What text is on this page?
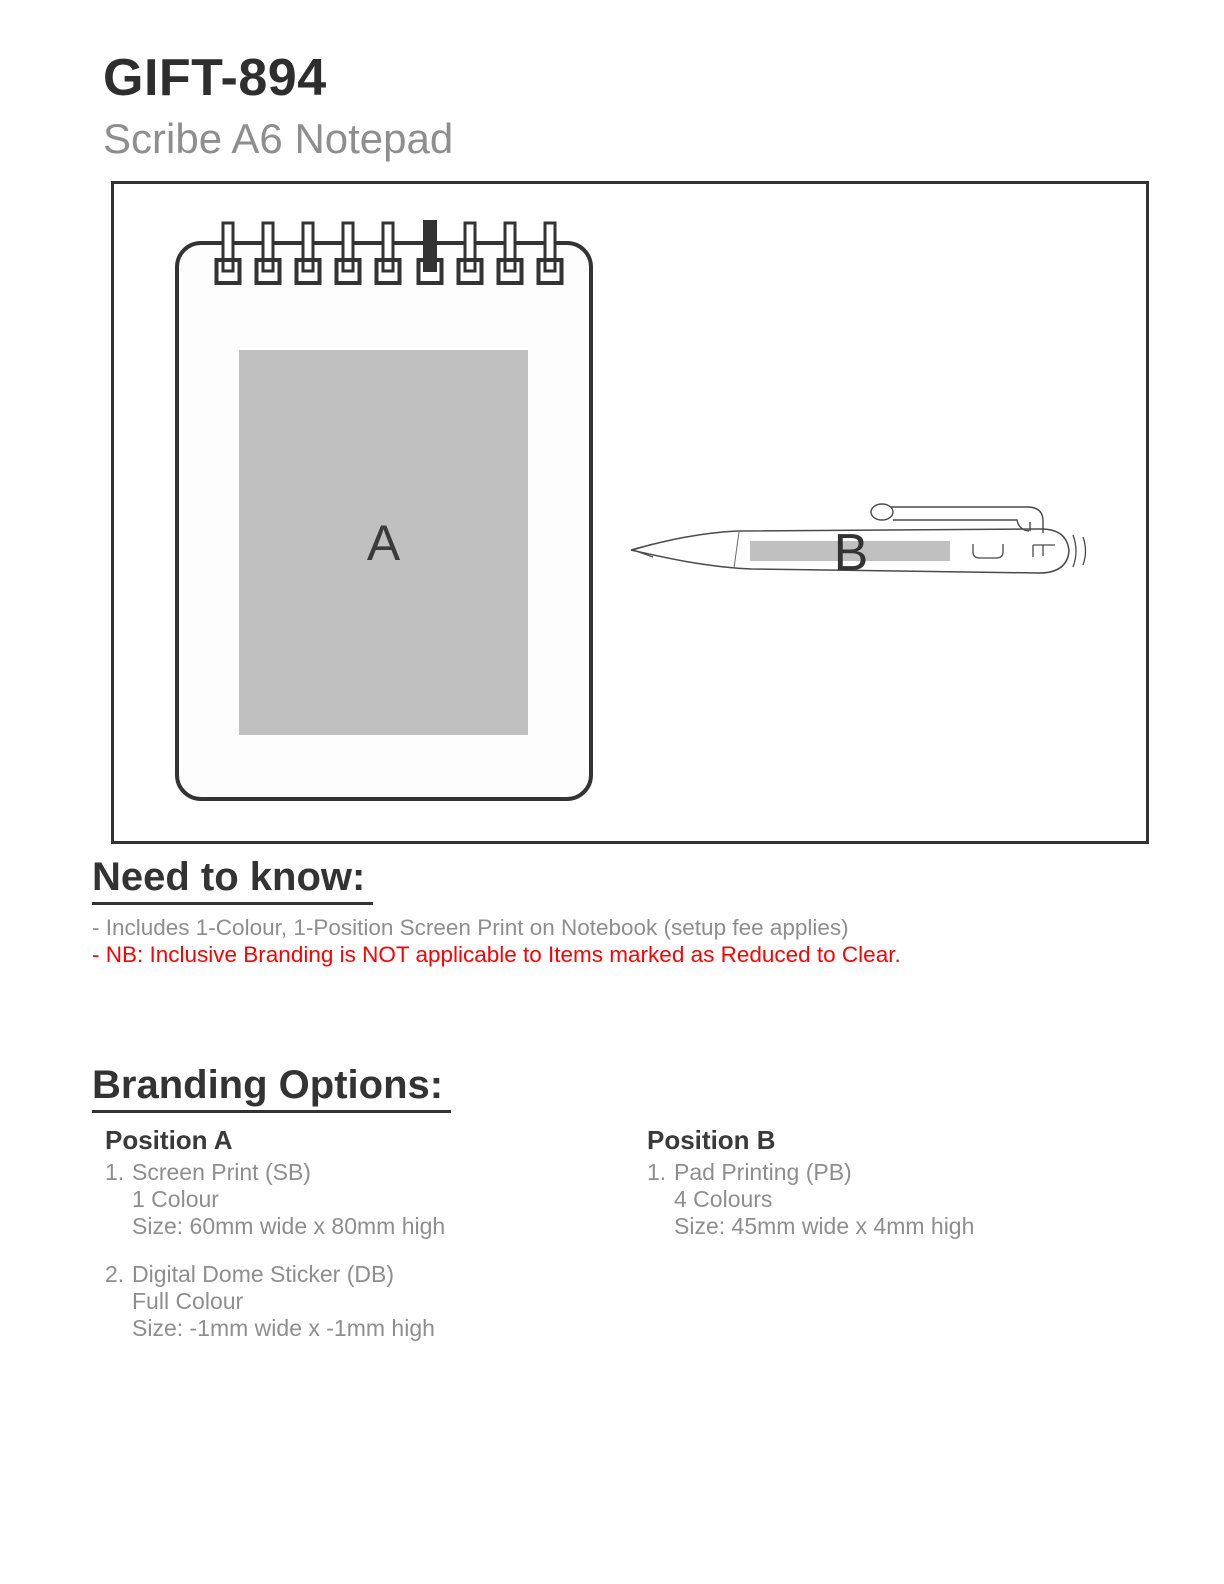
GIFT-894
Scribe A6 Notepad
A	B
Need to know:

- Includes 1-Colour, 1-Position Screen Print on Notebook (setup fee applies)

- NB: Inclusive Branding is NOT applicable to Items marked as Reduced to Clear.

Branding Options:
Position A
1. Screen Print (SB)
1 Colour
Size: 60mm wide x 80mm high
2. Digital Dome Sticker (DB)
Full Colour
Size: -1mm wide x -1mm high
Position B
1. Pad Printing (PB)
4 Colours
Size: 45mm wide x 4mm high
